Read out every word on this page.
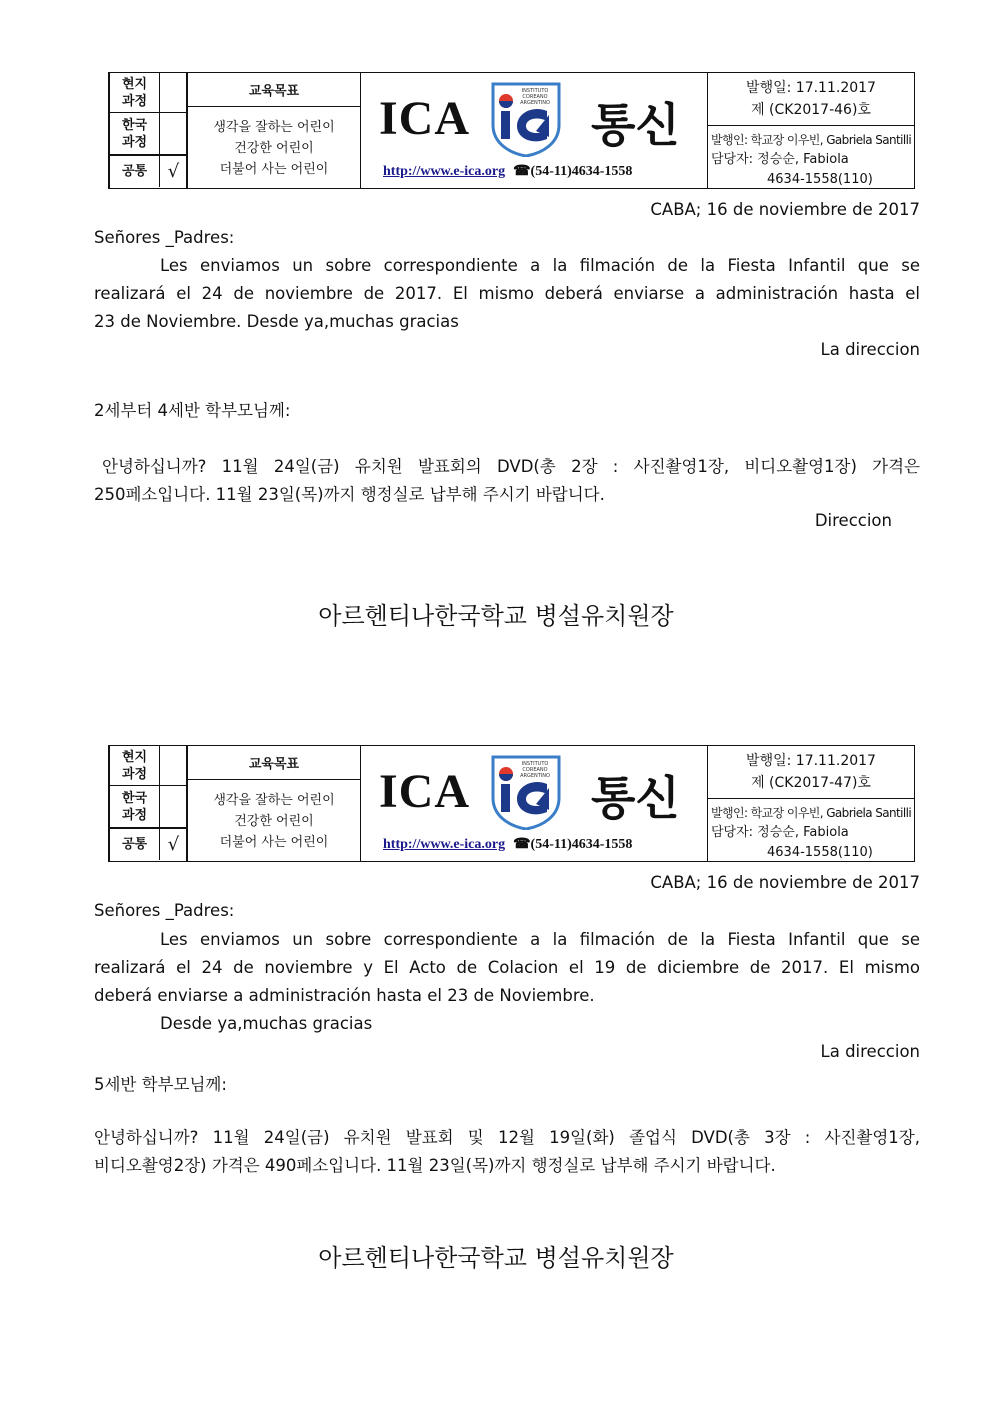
현지
과정
한국
과정
공통	√
교육목표
생각을 잘하는 어린이
건강한 어린이
더불어 사는 어린이
ICA
INSTITUTO
COREANO
ARGENTINO 통신
http://www.e-ica.org ☎(54-11)4634-1558
발행일: 17.11.2017
제 (CK2017-46)호
발행인: 학교장 이우빈, Gabriela Santilli
담당자: 정승순, Fabiola
4634-1558(110)
CABA; 16 de noviembre de 2017
Señores _Padres:
Les enviamos un sobre correspondiente a la filmación de la Fiesta Infantil que se
realizará el 24 de noviembre de 2017. El mismo deberá enviarse a administración hasta el
23 de Noviembre. Desde ya,muchas gracias
La direccion
2세부터 4세반 학부모님께:
안녕하십니까? 11월 24일(금) 유치원 발표회의 DVD(총 2장 : 사진촬영1장, 비디오촬영1장) 가격은
250페소입니다. 11월 23일(목)까지 행정실로 납부해 주시기 바랍니다.
Direccion
아르헨티나한국학교 병설유치원장
현지
과정
한국
과정
공통	√
교육목표
생각을 잘하는 어린이
건강한 어린이
더불어 사는 어린이
ICA
INSTITUTO
COREANO
ARGENTINO 통신
http://www.e-ica.org ☎(54-11)4634-1558
발행일: 17.11.2017
제 (CK2017-47)호
발행인: 학교장 이우빈, Gabriela Santilli
담당자: 정승순, Fabiola
4634-1558(110)
CABA; 16 de noviembre de 2017
Señores _Padres:
Les enviamos un sobre correspondiente a la filmación de la Fiesta Infantil que se
realizará el 24 de noviembre y El Acto de Colacion el 19 de diciembre de 2017. El mismo
deberá enviarse a administración hasta el 23 de Noviembre.
Desde ya,muchas gracias
La direccion
5세반 학부모님께:
안녕하십니까? 11월 24일(금) 유치원 발표회 및 12월 19일(화) 졸업식 DVD(총 3장 : 사진촬영1장,
비디오촬영2장) 가격은 490페소입니다. 11월 23일(목)까지 행정실로 납부해 주시기 바랍니다.
아르헨티나한국학교 병설유치원장
